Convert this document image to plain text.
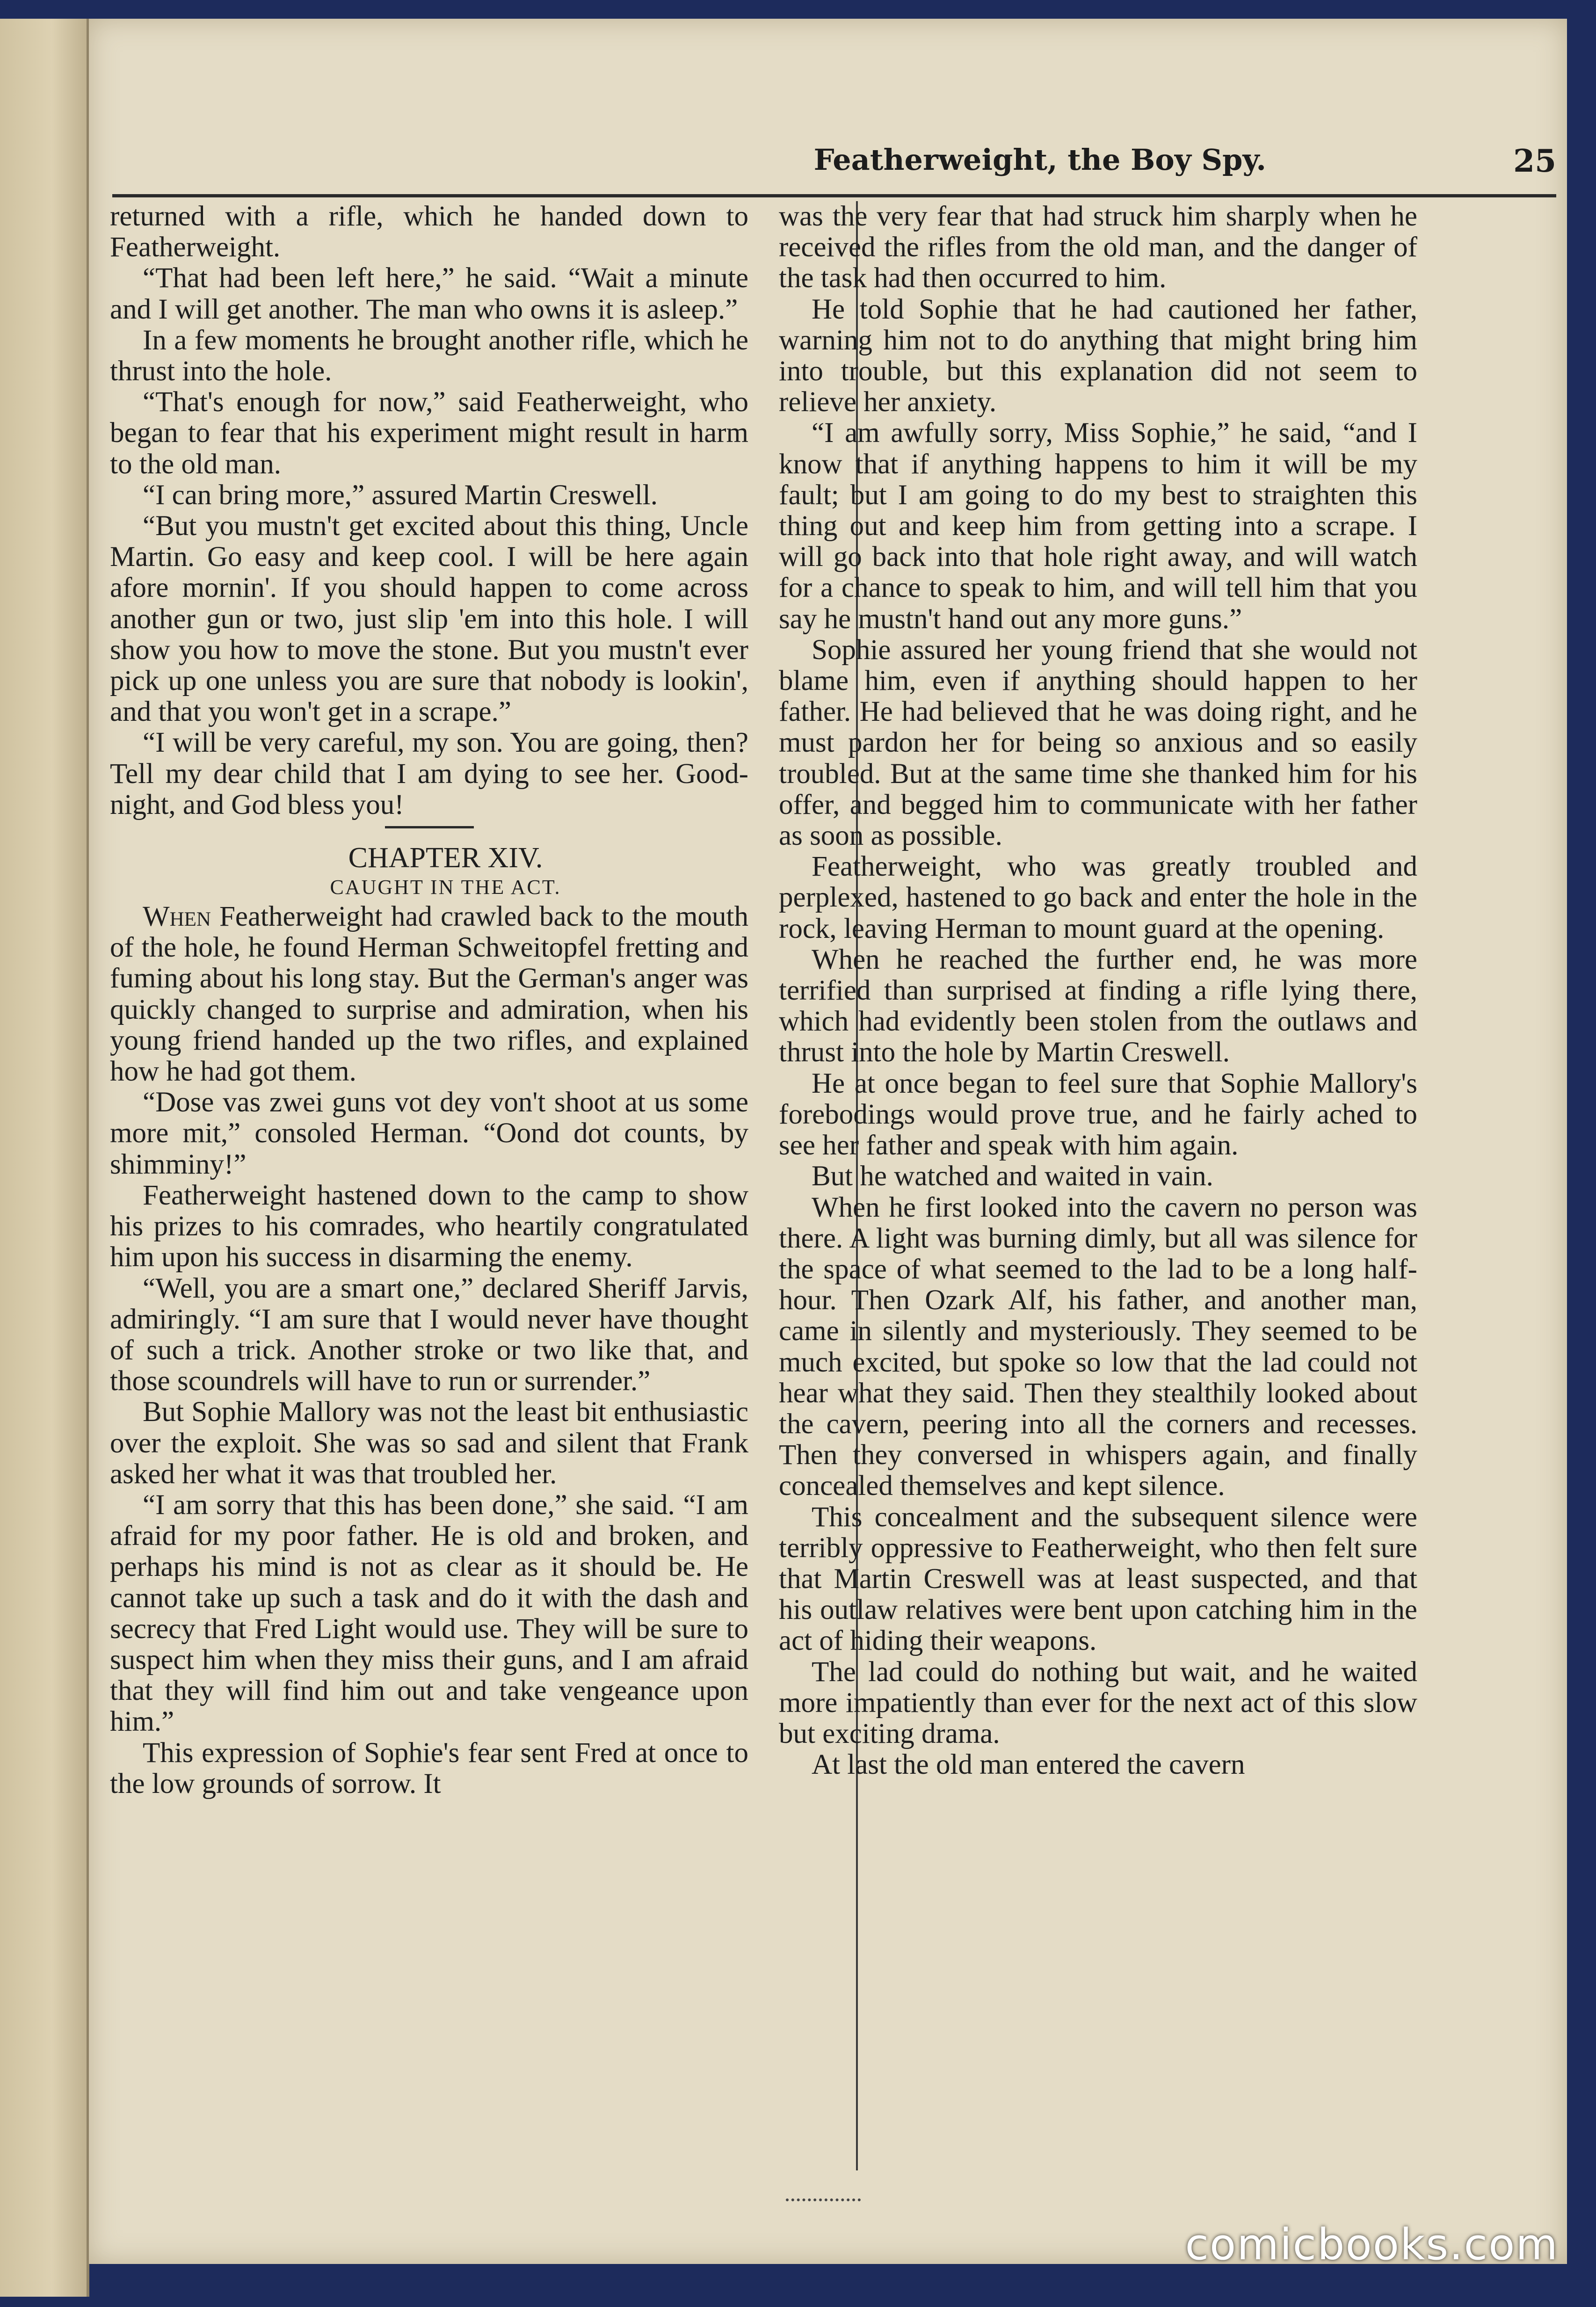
Featherweight, the Boy Spy.	25

returned with a rifle, which he handed down to Featherweight.

“That had been left here,” he said. “Wait a minute and I will get another. The man who owns it is asleep.”

In a few moments he brought another rifle, which he thrust into the hole.

“That's enough for now,” said Featherweight, who began to fear that his experiment might result in harm to the old man.

“I can bring more,” assured Martin Creswell.

“But you mustn't get excited about this thing, Uncle Martin. Go easy and keep cool. I will be here again afore mornin'. If you should happen to come across another gun or two, just slip 'em into this hole. I will show you how to move the stone. But you mustn't ever pick up one unless you are sure that nobody is lookin', and that you won't get in a scrape.”

“I will be very careful, my son. You are going, then? Tell my dear child that I am dying to see her. Good-night, and God bless you!

CHAPTER XIV.

CAUGHT IN THE ACT.

When Featherweight had crawled back to the mouth of the hole, he found Herman Schweitopfel fretting and fuming about his long stay. But the German's anger was quickly changed to surprise and admiration, when his young friend handed up the two rifles, and explained how he had got them.

“Dose vas zwei guns vot dey von't shoot at us some more mit,” consoled Herman. “Oond dot counts, by shimminy!”

Featherweight hastened down to the camp to show his prizes to his comrades, who heartily congratulated him upon his success in disarming the enemy.

“Well, you are a smart one,” declared Sheriff Jarvis, admiringly. “I am sure that I would never have thought of such a trick. Another stroke or two like that, and those scoundrels will have to run or surrender.”

But Sophie Mallory was not the least bit enthusiastic over the exploit. She was so sad and silent that Frank asked her what it was that troubled her.

“I am sorry that this has been done,” she said. “I am afraid for my poor father. He is old and broken, and perhaps his mind is not as clear as it should be. He cannot take up such a task and do it with the dash and secrecy that Fred Light would use. They will be sure to suspect him when they miss their guns, and I am afraid that they will find him out and take vengeance upon him.”

This expression of Sophie's fear sent Fred at once to the low grounds of sorrow. It

was the very fear that had struck him sharply when he received the rifles from the old man, and the danger of the task had then occurred to him.

He told Sophie that he had cautioned her father, warning him not to do anything that might bring him into trouble, but this explanation did not seem to relieve her anxiety.

“I am awfully sorry, Miss Sophie,” he said, “and I know that if anything happens to him it will be my fault; but I am going to do my best to straighten this thing out and keep him from getting into a scrape. I will go back into that hole right away, and will watch for a chance to speak to him, and will tell him that you say he mustn't hand out any more guns.”

Sophie assured her young friend that she would not blame him, even if anything should happen to her father. He had believed that he was doing right, and he must pardon her for being so anxious and so easily troubled. But at the same time she thanked him for his offer, and begged him to communicate with her father as soon as possible.

Featherweight, who was greatly troubled and perplexed, hastened to go back and enter the hole in the rock, leaving Herman to mount guard at the opening.

When he reached the further end, he was more terrified than surprised at finding a rifle lying there, which had evidently been stolen from the outlaws and thrust into the hole by Martin Creswell.

He at once began to feel sure that Sophie Mallory's forebodings would prove true, and he fairly ached to see her father and speak with him again.

But he watched and waited in vain.

When he first looked into the cavern no person was there. A light was burning dimly, but all was silence for the space of what seemed to the lad to be a long half-hour. Then Ozark Alf, his father, and another man, came in silently and mysteriously. They seemed to be much excited, but spoke so low that the lad could not hear what they said. Then they stealthily looked about the cavern, peering into all the corners and recesses. Then they conversed in whispers again, and finally concealed themselves and kept silence.

This concealment and the subsequent silence were terribly oppressive to Featherweight, who then felt sure that Martin Creswell was at least suspected, and that his outlaw relatives were bent upon catching him in the act of hiding their weapons.

The lad could do nothing but wait, and he waited more impatiently than ever for the next act of this slow but exciting drama.

At last the old man entered the cavern

comicbooks.com
